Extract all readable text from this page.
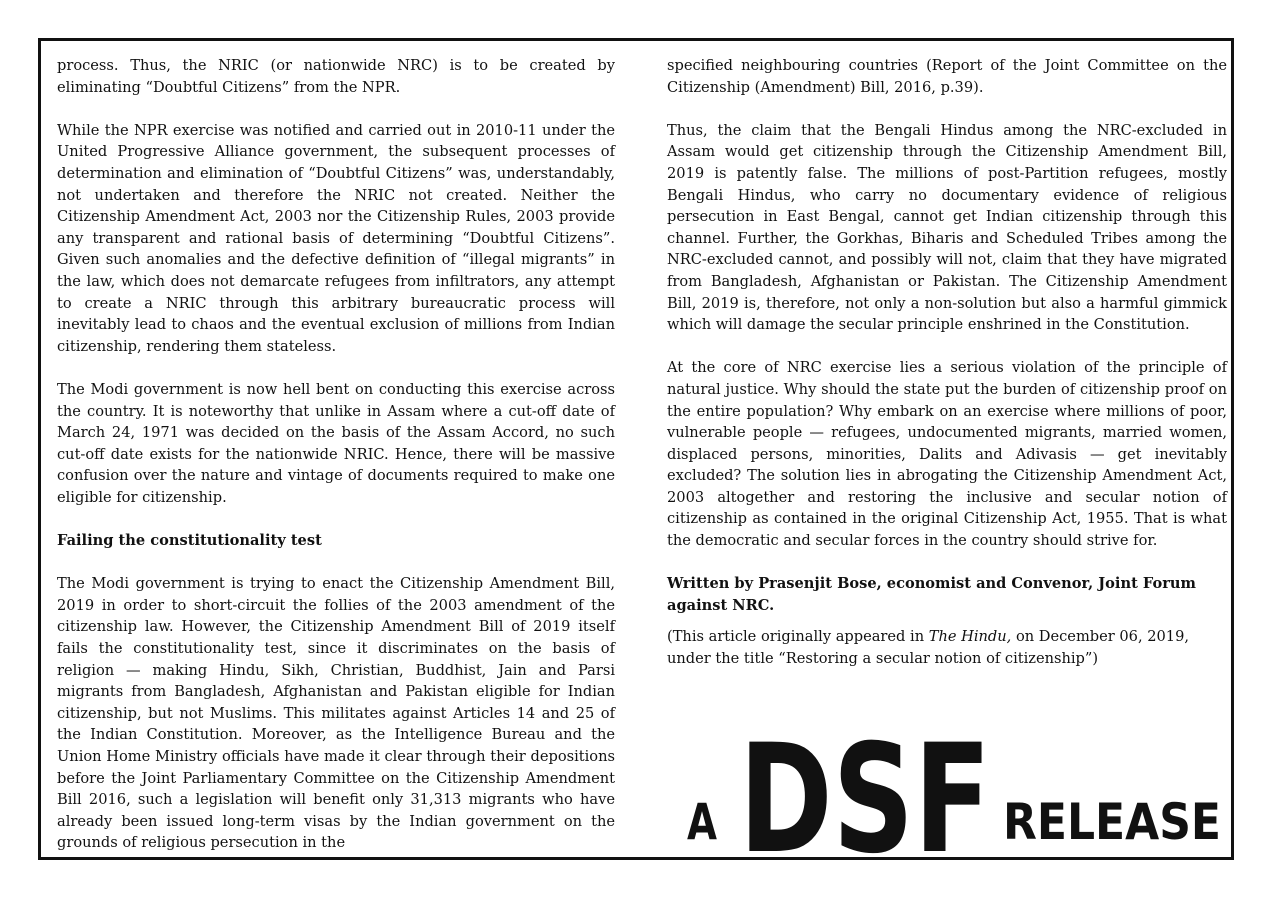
process. Thus, the NRIC (or nationwide NRC) is to be created by eliminating “Doubtful Citizens” from the NPR.

While the NPR exercise was notified and carried out in 2010-11 under the United Progressive Alliance government, the subsequent processes of determination and elimination of “Doubtful Citizens” was, understandably, not undertaken and therefore the NRIC not created. Neither the Citizenship Amendment Act, 2003 nor the Citizenship Rules, 2003 provide any transparent and rational basis of determining “Doubtful Citizens”. Given such anomalies and the defective definition of “illegal migrants” in the law, which does not demarcate refugees from infiltrators, any attempt to create a NRIC through this arbitrary bureaucratic process will inevitably lead to chaos and the eventual exclusion of millions from Indian citizenship, rendering them stateless.

The Modi government is now hell bent on conducting this exercise across the country. It is noteworthy that unlike in Assam where a cut-off date of March 24, 1971 was decided on the basis of the Assam Accord, no such cut-off date exists for the nationwide NRIC. Hence, there will be massive confusion over the nature and vintage of documents required to make one eligible for citizenship.

Failing the constitutionality test

The Modi government is trying to enact the Citizenship Amendment Bill, 2019 in order to short-circuit the follies of the 2003 amendment of the citizenship law. However, the Citizenship Amendment Bill of 2019 itself fails the constitutionality test, since it discriminates on the basis of religion — making Hindu, Sikh, Christian, Buddhist, Jain and Parsi migrants from Bangladesh, Afghanistan and Pakistan eligible for Indian citizenship, but not Muslims. This militates against Articles 14 and 25 of the Indian Constitution. Moreover, as the Intelligence Bureau and the Union Home Ministry officials have made it clear through their depositions before the Joint Parliamentary Committee on the Citizenship Amendment Bill 2016, such a legislation will benefit only 31,313 migrants who have already been issued long-term visas by the Indian government on the grounds of religious persecution in the

specified neighbouring countries (Report of the Joint Committee on the Citizenship (Amendment) Bill, 2016, p.39).

Thus, the claim that the Bengali Hindus among the NRC-excluded in Assam would get citizenship through the Citizenship Amendment Bill, 2019 is patently false. The millions of post-Partition refugees, mostly Bengali Hindus, who carry no documentary evidence of religious persecution in East Bengal, cannot get Indian citizenship through this channel. Further, the Gorkhas, Biharis and Scheduled Tribes among the NRC-excluded cannot, and possibly will not, claim that they have migrated from Bangladesh, Afghanistan or Pakistan. The Citizenship Amendment Bill, 2019 is, therefore, not only a non-solution but also a harmful gimmick which will damage the secular principle enshrined in the Constitution.

At the core of NRC exercise lies a serious violation of the principle of natural justice. Why should the state put the burden of citizenship proof on the entire population? Why embark on an exercise where millions of poor, vulnerable people — refugees, undocumented migrants, married women, displaced persons, minorities, Dalits and Adivasis — get inevitably excluded? The solution lies in abrogating the Citizenship Amendment Act, 2003 altogether and restoring the inclusive and secular notion of citizenship as contained in the original Citizenship Act, 1955. That is what the democratic and secular forces in the country should strive for.

Written by Prasenjit Bose, economist and Convenor, Joint Forum against NRC.
(This article originally appeared in The Hindu, on December 06, 2019, under the title “Restoring a secular notion of citizenship”)
A DSF RELEASE
